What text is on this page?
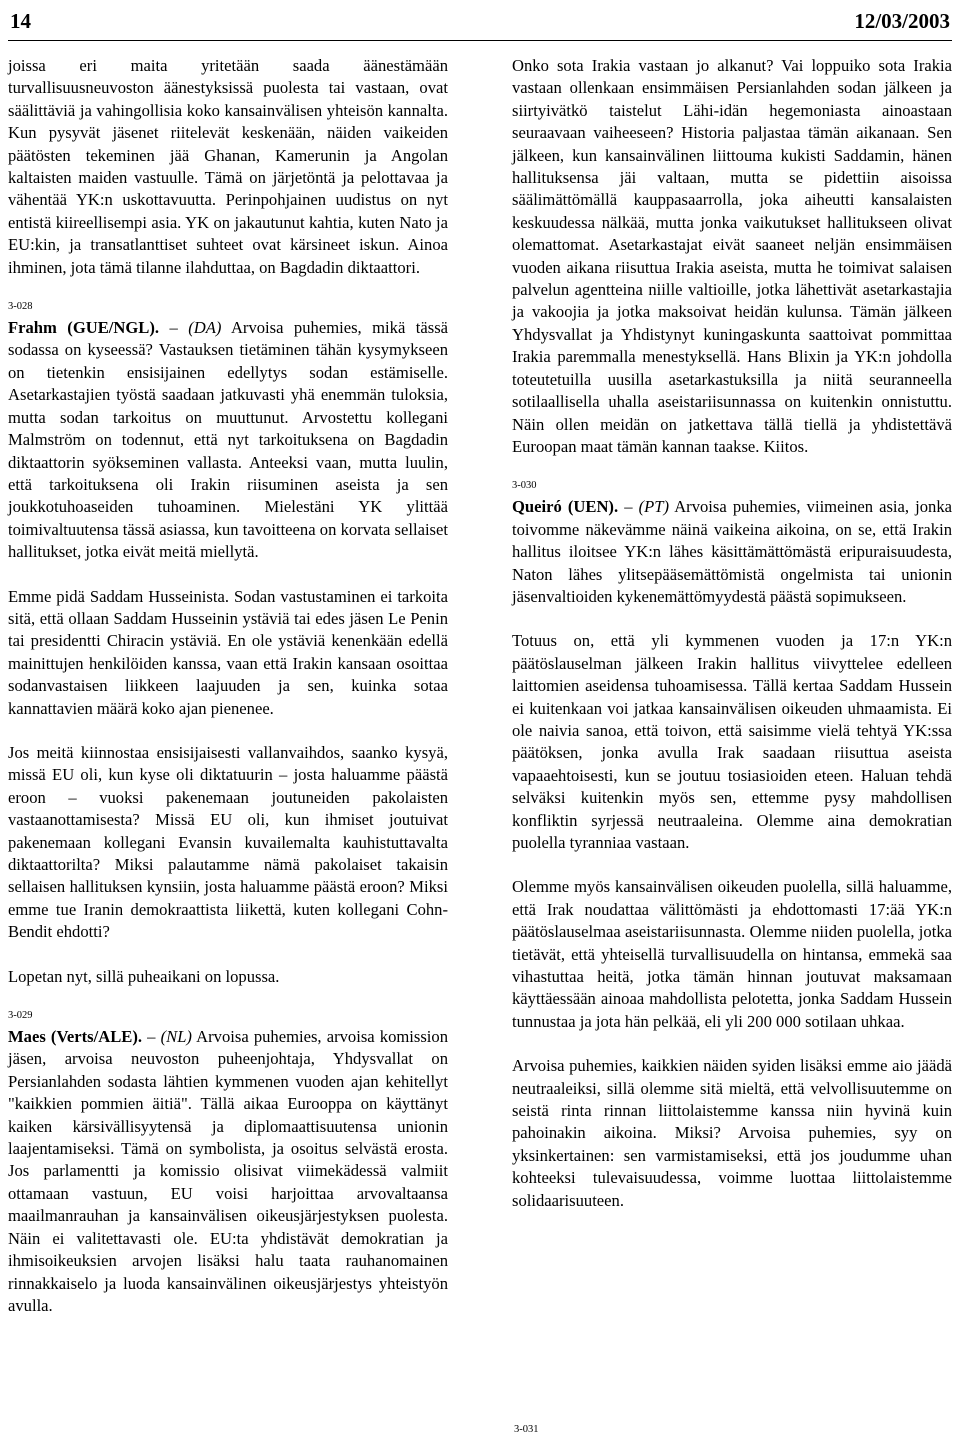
14	12/03/2003

joissa eri maita yritetään saada äänestämään turvallisuusneuvoston äänestyksissä puolesta tai vastaan, ovat säälittäviä ja vahingollisia koko kansainvälisen yhteisön kannalta. Kun pysyvät jäsenet riitelevät keskenään, näiden vaikeiden päätösten tekeminen jää Ghanan, Kamerunin ja Angolan kaltaisten maiden vastuulle. Tämä on järjetöntä ja pelottavaa ja vähentää YK:n uskottavuutta. Perinpohjainen uudistus on nyt entistä kiireellisempi asia. YK on jakautunut kahtia, kuten Nato ja EU:kin, ja transatlanttiset suhteet ovat kärsineet iskun. Ainoa ihminen, jota tämä tilanne ilahduttaa, on Bagdadin diktaattori.

3-028

Frahm (GUE/NGL). – (DA) Arvoisa puhemies, mikä tässä sodassa on kyseessä? Vastauksen tietäminen tähän kysymykseen on tietenkin ensisijainen edellytys sodan estämiselle. Asetarkastajien työstä saadaan jatkuvasti yhä enemmän tuloksia, mutta sodan tarkoitus on muuttunut. Arvostettu kollegani Malmström on todennut, että nyt tarkoituksena on Bagdadin diktaattorin syökseminen vallasta. Anteeksi vaan, mutta luulin, että tarkoituksena oli Irakin riisuminen aseista ja sen joukkotuhoaseiden tuhoaminen. Mielestäni YK ylittää toimivaltuutensa tässä asiassa, kun tavoitteena on korvata sellaiset hallitukset, jotka eivät meitä miellytä.

Emme pidä Saddam Husseinista. Sodan vastustaminen ei tarkoita sitä, että ollaan Saddam Husseinin ystäviä tai edes jäsen Le Penin tai presidentti Chiracin ystäviä. En ole ystäviä kenenkään edellä mainittujen henkilöiden kanssa, vaan että Irakin kansaan osoittaa sodanvastaisen liikkeen laajuuden ja sen, kuinka sotaa kannattavien määrä koko ajan pienenee.

Jos meitä kiinnostaa ensisijaisesti vallanvaihdos, saanko kysyä, missä EU oli, kun kyse oli diktatuurin – josta haluamme päästä eroon – vuoksi pakenemaan joutuneiden pakolaisten vastaanottamisesta? Missä EU oli, kun ihmiset joutuivat pakenemaan kollegani Evansin kuvailemalta kauhistuttavalta diktaattorilta? Miksi palautamme nämä pakolaiset takaisin sellaisen hallituksen kynsiin, josta haluamme päästä eroon? Miksi emme tue Iranin demokraattista liikettä, kuten kollegani Cohn-Bendit ehdotti?

Lopetan nyt, sillä puheaikani on lopussa.

3-029

Maes (Verts/ALE). – (NL) Arvoisa puhemies, arvoisa komission jäsen, arvoisa neuvoston puheenjohtaja, Yhdysvallat on Persianlahden sodasta lähtien kymmenen vuoden ajan kehitellyt "kaikkien pommien äitiä". Tällä aikaa Eurooppa on käyttänyt kaiken kärsivällisyytensä ja diplomaattisuutensa unionin laajentamiseksi. Tämä on symbolista, ja osoitus selvästä erosta. Jos parlamentti ja komissio olisivat viimekädessä valmiit ottamaan vastuun, EU voisi harjoittaa arvovaltaansa maailmanrauhan ja kansainvälisen oikeusjärjestyksen puolesta. Näin ei valitettavasti ole. EU:ta yhdistävät demokratian ja ihmisoikeuksien arvojen lisäksi halu taata rauhanomainen rinnakkaiselo ja luoda kansainvälinen oikeusjärjestys yhteistyön avulla.

Onko sota Irakia vastaan jo alkanut? Vai loppuiko sota Irakia vastaan ollenkaan ensimmäisen Persianlahden sodan jälkeen ja siirtyivätkö taistelut Lähi-idän hegemoniasta ainoastaan seuraavaan vaiheeseen? Historia paljastaa tämän aikanaan. Sen jälkeen, kun kansainvälinen liittouma kukisti Saddamin, hänen hallituksensa jäi valtaan, mutta se pidettiin aisoissa säälimättömällä kauppasaarrolla, joka aiheutti kansalaisten keskuudessa nälkää, mutta jonka vaikutukset hallitukseen olivat olemattomat. Asetarkastajat eivät saaneet neljän ensimmäisen vuoden aikana riisuttua Irakia aseista, mutta he toimivat salaisen palvelun agentteina niille valtioille, jotka lähettivät asetarkastajia ja vakoojia ja jotka maksoivat heidän kulunsa. Tämän jälkeen Yhdysvallat ja Yhdistynyt kuningaskunta saattoivat pommittaa Irakia paremmalla menestyksellä. Hans Blixin ja YK:n johdolla toteutetuilla uusilla asetarkastuksilla ja niitä seuranneella sotilaallisella uhalla aseistariisunnassa on kuitenkin onnistuttu. Näin ollen meidän on jatkettava tällä tiellä ja yhdistettävä Euroopan maat tämän kannan taakse. Kiitos.

3-030

Queiró (UEN). – (PT) Arvoisa puhemies, viimeinen asia, jonka toivomme näkevämme näinä vaikeina aikoina, on se, että Irakin hallitus iloitsee YK:n lähes käsittämättömästä eripuraisuudesta, Naton lähes ylitsepääsemättömistä ongelmista tai unionin jäsenvaltioiden kykenemättömyydestä päästä sopimukseen.

Totuus on, että yli kymmenen vuoden ja 17:n YK:n päätöslauselman jälkeen Irakin hallitus viivyttelee edelleen laittomien aseidensa tuhoamisessa. Tällä kertaa Saddam Hussein ei kuitenkaan voi jatkaa kansainvälisen oikeuden uhmaamista. Ei ole naivia sanoa, että toivon, että saisimme vielä tehtyä YK:ssa päätöksen, jonka avulla Irak saadaan riisuttua aseista vapaaehtoisesti, kun se joutuu tosiasioiden eteen. Haluan tehdä selväksi kuitenkin myös sen, ettemme pysy mahdollisen konfliktin syrjessä neutraaleina. Olemme aina demokratian puolella tyranniaa vastaan.

Olemme myös kansainvälisen oikeuden puolella, sillä haluamme, että Irak noudattaa välittömästi ja ehdottomasti 17:ää YK:n päätöslauselmaa aseistariisunnasta. Olemme niiden puolella, jotka tietävät, että yhteisellä turvallisuudella on hintansa, emmekä saa vihastuttaa heitä, jotka tämän hinnan joutuvat maksamaan käyttäessään ainoaa mahdollista pelotetta, jonka Saddam Hussein tunnustaa ja jota hän pelkää, eli yli 200 000 sotilaan uhkaa.

Arvoisa puhemies, kaikkien näiden syiden lisäksi emme aio jäädä neutraaleiksi, sillä olemme sitä mieltä, että velvollisuutemme on seistä rinta rinnan liittolaistemme kanssa niin hyvinä kuin pahoinakin aikoina. Miksi? Arvoisa puhemies, syy on yksinkertainen: sen varmistamiseksi, että jos joudumme uhan kohteeksi tulevaisuudessa, voimme luottaa liittolaistemme solidaarisuuteen.

3-031
